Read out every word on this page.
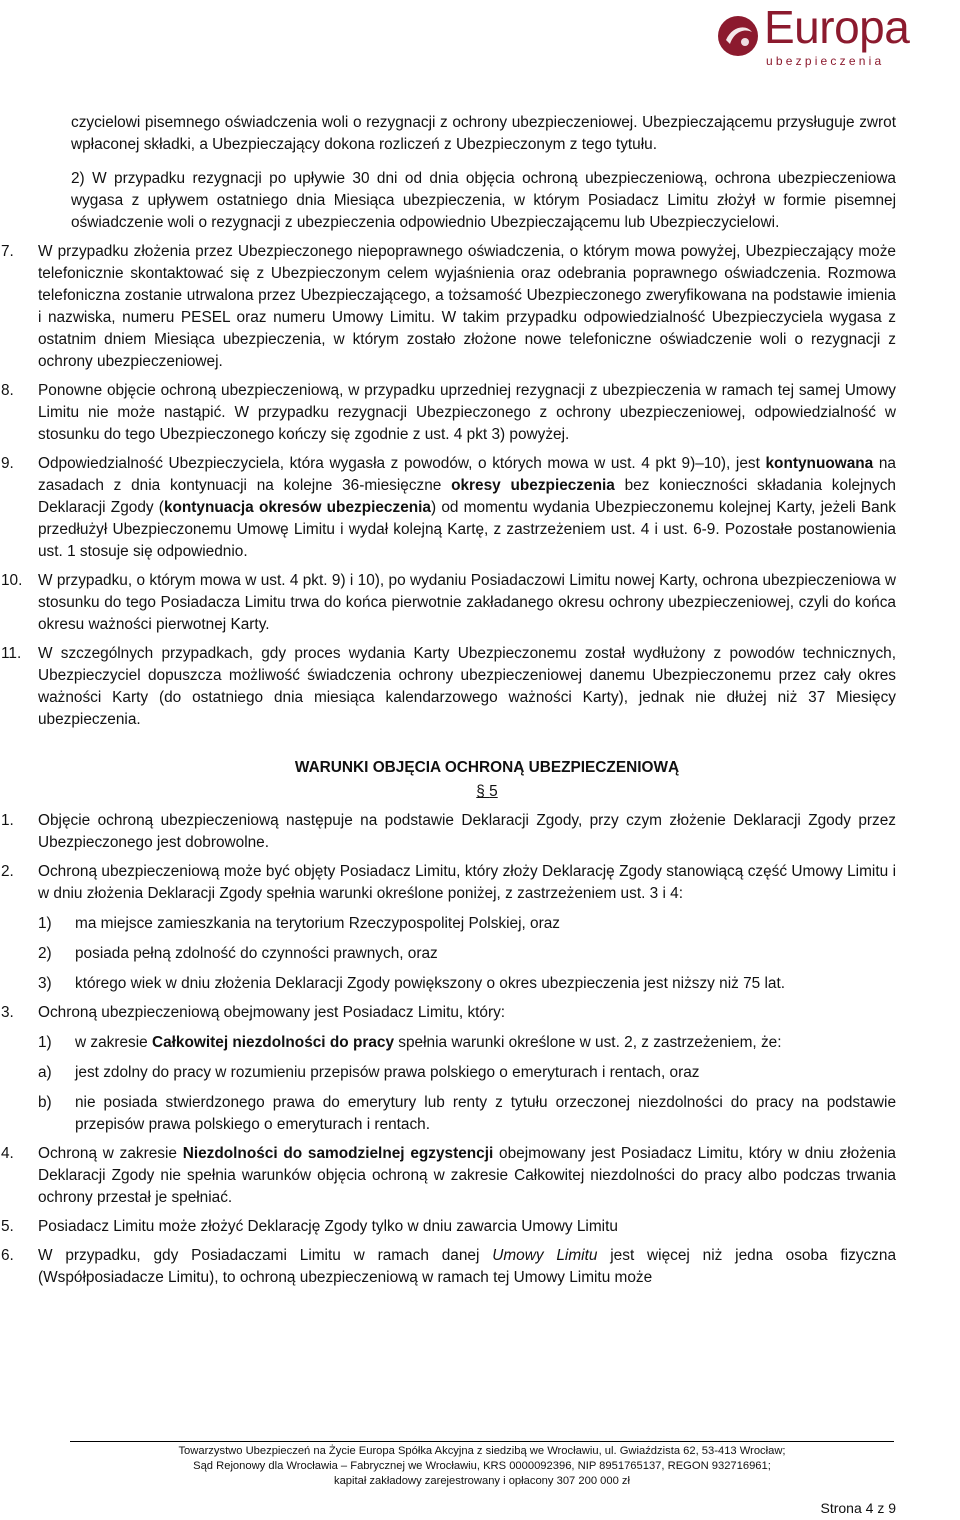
Europa
ubezpieczenia

czycielowi pisemnego oświadczenia woli o rezygnacji z ochrony ubezpieczeniowej. Ubezpieczającemu przysługuje zwrot wpłaconej składki, a Ubezpieczający dokona rozliczeń z Ubezpieczonym z tego tytułu.

2) W przypadku rezygnacji po upływie 30 dni od dnia objęcia ochroną ubezpieczeniową, ochrona ubezpieczeniowa wygasa z upływem ostatniego dnia Miesiąca ubezpieczenia, w którym Posiadacz Limitu złożył w formie pisemnej oświadczenie woli o rezygnacji z ubezpieczenia odpowiednio Ubezpieczającemu lub Ubezpieczycielowi.

7. W przypadku złożenia przez Ubezpieczonego niepoprawnego oświadczenia, o którym mowa powyżej, Ubezpieczający może telefonicznie skontaktować się z Ubezpieczonym celem wyjaśnienia oraz odebrania poprawnego oświadczenia. Rozmowa telefoniczna zostanie utrwalona przez Ubezpieczającego, a tożsamość Ubezpieczonego zweryfikowana na podstawie imienia i nazwiska, numeru PESEL oraz numeru Umowy Limitu. W takim przypadku odpowiedzialność Ubezpieczyciela wygasa z ostatnim dniem Miesiąca ubezpieczenia, w którym zostało złożone nowe telefoniczne oświadczenie woli o rezygnacji z ochrony ubezpieczeniowej.

8. Ponowne objęcie ochroną ubezpieczeniową, w przypadku uprzedniej rezygnacji z ubezpieczenia w ramach tej samej Umowy Limitu nie może nastąpić. W przypadku rezygnacji Ubezpieczonego z ochrony ubezpieczeniowej, odpowiedzialność w stosunku do tego Ubezpieczonego kończy się zgodnie z ust. 4 pkt 3) powyżej.

9. Odpowiedzialność Ubezpieczyciela, która wygasła z powodów, o których mowa w ust. 4 pkt 9)–10), jest kontynuowana na zasadach z dnia kontynuacji na kolejne 36-miesięczne okresy ubezpieczenia bez konieczności składania kolejnych Deklaracji Zgody (kontynuacja okresów ubezpieczenia) od momentu wydania Ubezpieczonemu kolejnej Karty, jeżeli Bank przedłużył Ubezpieczonemu Umowę Limitu i wydał kolejną Kartę, z zastrzeżeniem ust. 4 i ust. 6-9. Pozostałe postanowienia ust. 1 stosuje się odpowiednio.

10. W przypadku, o którym mowa w ust. 4 pkt. 9) i 10), po wydaniu Posiadaczowi Limitu nowej Karty, ochrona ubezpieczeniowa w stosunku do tego Posiadacza Limitu trwa do końca pierwotnie zakładanego okresu ochrony ubezpieczeniowej, czyli do końca okresu ważności pierwotnej Karty.

11. W szczególnych przypadkach, gdy proces wydania Karty Ubezpieczonemu został wydłużony z powodów technicznych, Ubezpieczyciel dopuszcza możliwość świadczenia ochrony ubezpieczeniowej danemu Ubezpieczonemu przez cały okres ważności Karty (do ostatniego dnia miesiąca kalendarzowego ważności Karty), jednak nie dłużej niż 37 Miesięcy ubezpieczenia.

WARUNKI OBJĘCIA OCHRONĄ UBEZPIECZENIOWĄ

§ 5

1. Objęcie ochroną ubezpieczeniową następuje na podstawie Deklaracji Zgody, przy czym złożenie Deklaracji Zgody przez Ubezpieczonego jest dobrowolne.

2. Ochroną ubezpieczeniową może być objęty Posiadacz Limitu, który złoży Deklarację Zgody stanowiącą część Umowy Limitu i w dniu złożenia Deklaracji Zgody spełnia warunki określone poniżej, z zastrzeżeniem ust. 3 i 4:

1) ma miejsce zamieszkania na terytorium Rzeczypospolitej Polskiej, oraz

2) posiada pełną zdolność do czynności prawnych, oraz

3) którego wiek w dniu złożenia Deklaracji Zgody powiększony o okres ubezpieczenia jest niższy niż 75 lat.

3. Ochroną ubezpieczeniową obejmowany jest Posiadacz Limitu, który:

1) w zakresie Całkowitej niezdolności do pracy spełnia warunki określone w ust. 2, z zastrzeżeniem, że:

a) jest zdolny do pracy w rozumieniu przepisów prawa polskiego o emeryturach i rentach, oraz

b) nie posiada stwierdzonego prawa do emerytury lub renty z tytułu orzeczonej niezdolności do pracy na podstawie przepisów prawa polskiego o emeryturach i rentach.

4. Ochroną w zakresie Niezdolności do samodzielnej egzystencji obejmowany jest Posiadacz Limitu, który w dniu złożenia Deklaracji Zgody nie spełnia warunków objęcia ochroną w zakresie Całkowitej niezdolności do pracy albo podczas trwania ochrony przestał je spełniać.

5. Posiadacz Limitu może złożyć Deklarację Zgody tylko w dniu zawarcia Umowy Limitu

6. W przypadku, gdy Posiadaczami Limitu w ramach danej Umowy Limitu jest więcej niż jedna osoba fizyczna (Współposiadacze Limitu), to ochroną ubezpieczeniową w ramach tej Umowy Limitu może

Towarzystwo Ubezpieczeń na Życie Europa Spółka Akcyjna z siedzibą we Wrocławiu, ul. Gwiaździsta 62, 53-413 Wrocław;
Sąd Rejonowy dla Wrocławia – Fabrycznej we Wrocławiu, KRS 0000092396, NIP 8951765137, REGON 932716961;
kapitał zakładowy zarejestrowany i opłacony 307 200 000 zł
Strona 4 z 9
